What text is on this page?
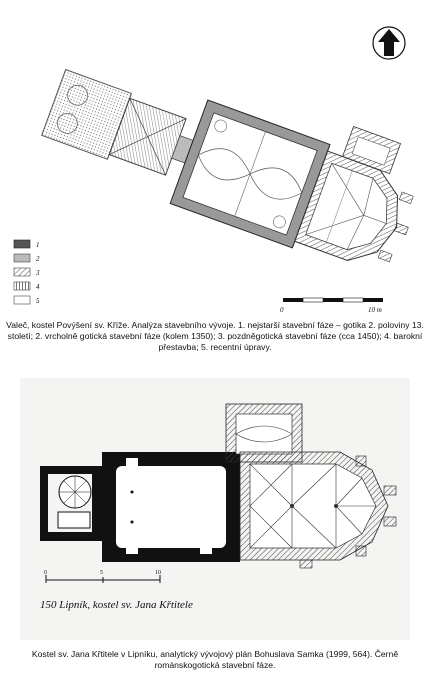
1
2
3
4
5
0	10 m
Valeč, kostel Povýšení sv. Kříže. Analýza stavebního vývoje. 1. nejstarší stavební fáze – gotika 2. poloviny 13. století; 2. vrcholně gotická stavební fáze (kolem 1350); 3. pozdněgotická stavební fáze (cca 1450); 4. barokní přestavba; 5. recentní úpravy.
0	5	10
150 Lipník, kostel sv. Jana Křtitele
Kostel sv. Jana Křtitele v Lipníku, analytický vývojový plán Bohuslava Samka (1999, 564). Černě románskogotická stavební fáze.
